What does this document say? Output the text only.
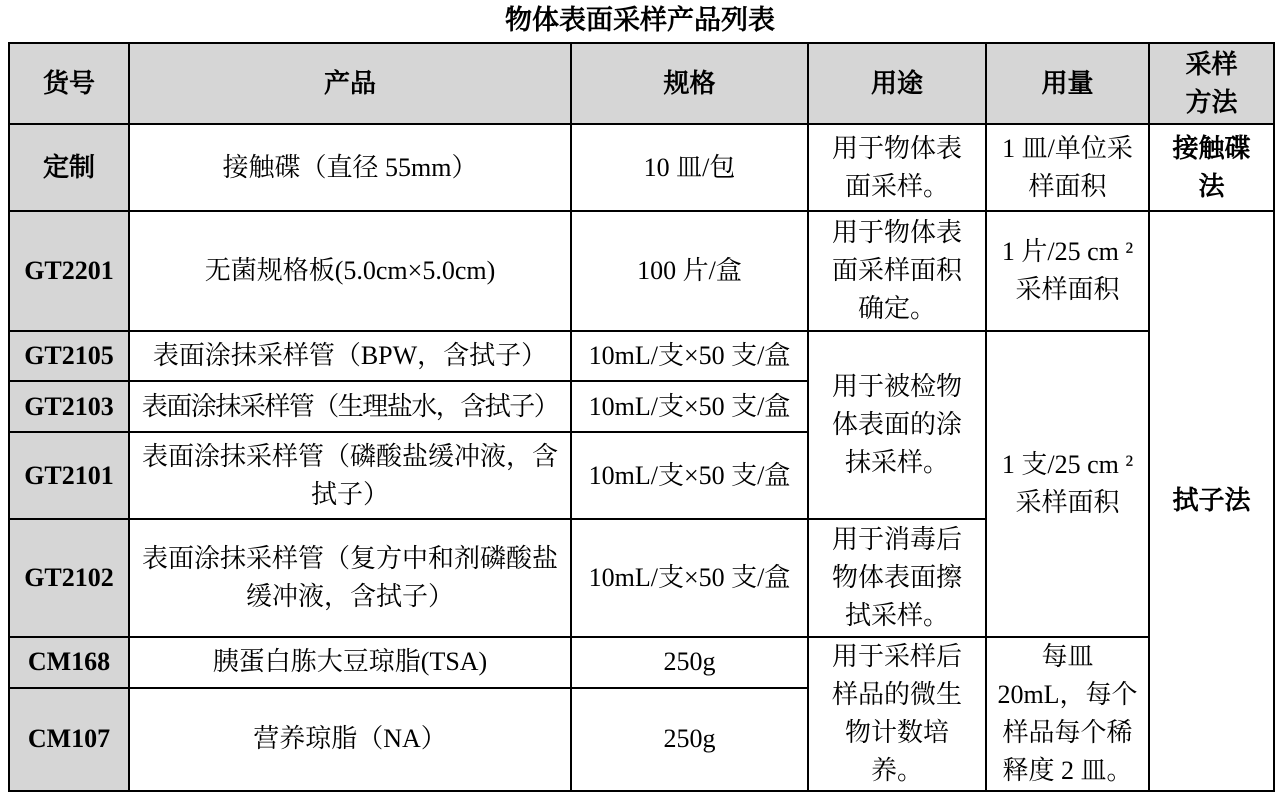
物体表面采样产品列表
货号	产品	规格	用途	用量	采样方法
定制	接触碟（直径 55mm）	10 皿/包	用于物体表面采样。	1 皿/单位采样面积	接触碟法
GT2201	无菌规格板(5.0cm×5.0cm)	100 片/盒	用于物体表面采样面积确定。	1 片/25 cm ² 采样面积	拭子法
GT2105	表面涂抹采样管（BPW，含拭子）	10mL/支×50 支/盒	用于被检物体表面的涂抹采样。	1 支/25 cm ² 采样面积	
GT2103	表面涂抹采样管（生理盐水，含拭子）	10mL/支×50 支/盒			
GT2101	表面涂抹采样管（磷酸盐缓冲液，含拭子）	10mL/支×50 支/盒			
GT2102	表面涂抹采样管（复方中和剂磷酸盐缓冲液，含拭子）	10mL/支×50 支/盒	用于消毒后物体表面擦拭采样。		
CM168	胰蛋白胨大豆琼脂(TSA)	250g	用于采样后样品的微生物计数培养。	每皿 20mL，每个样品每个稀释度 2 皿。	
CM107	营养琼脂（NA）	250g			
